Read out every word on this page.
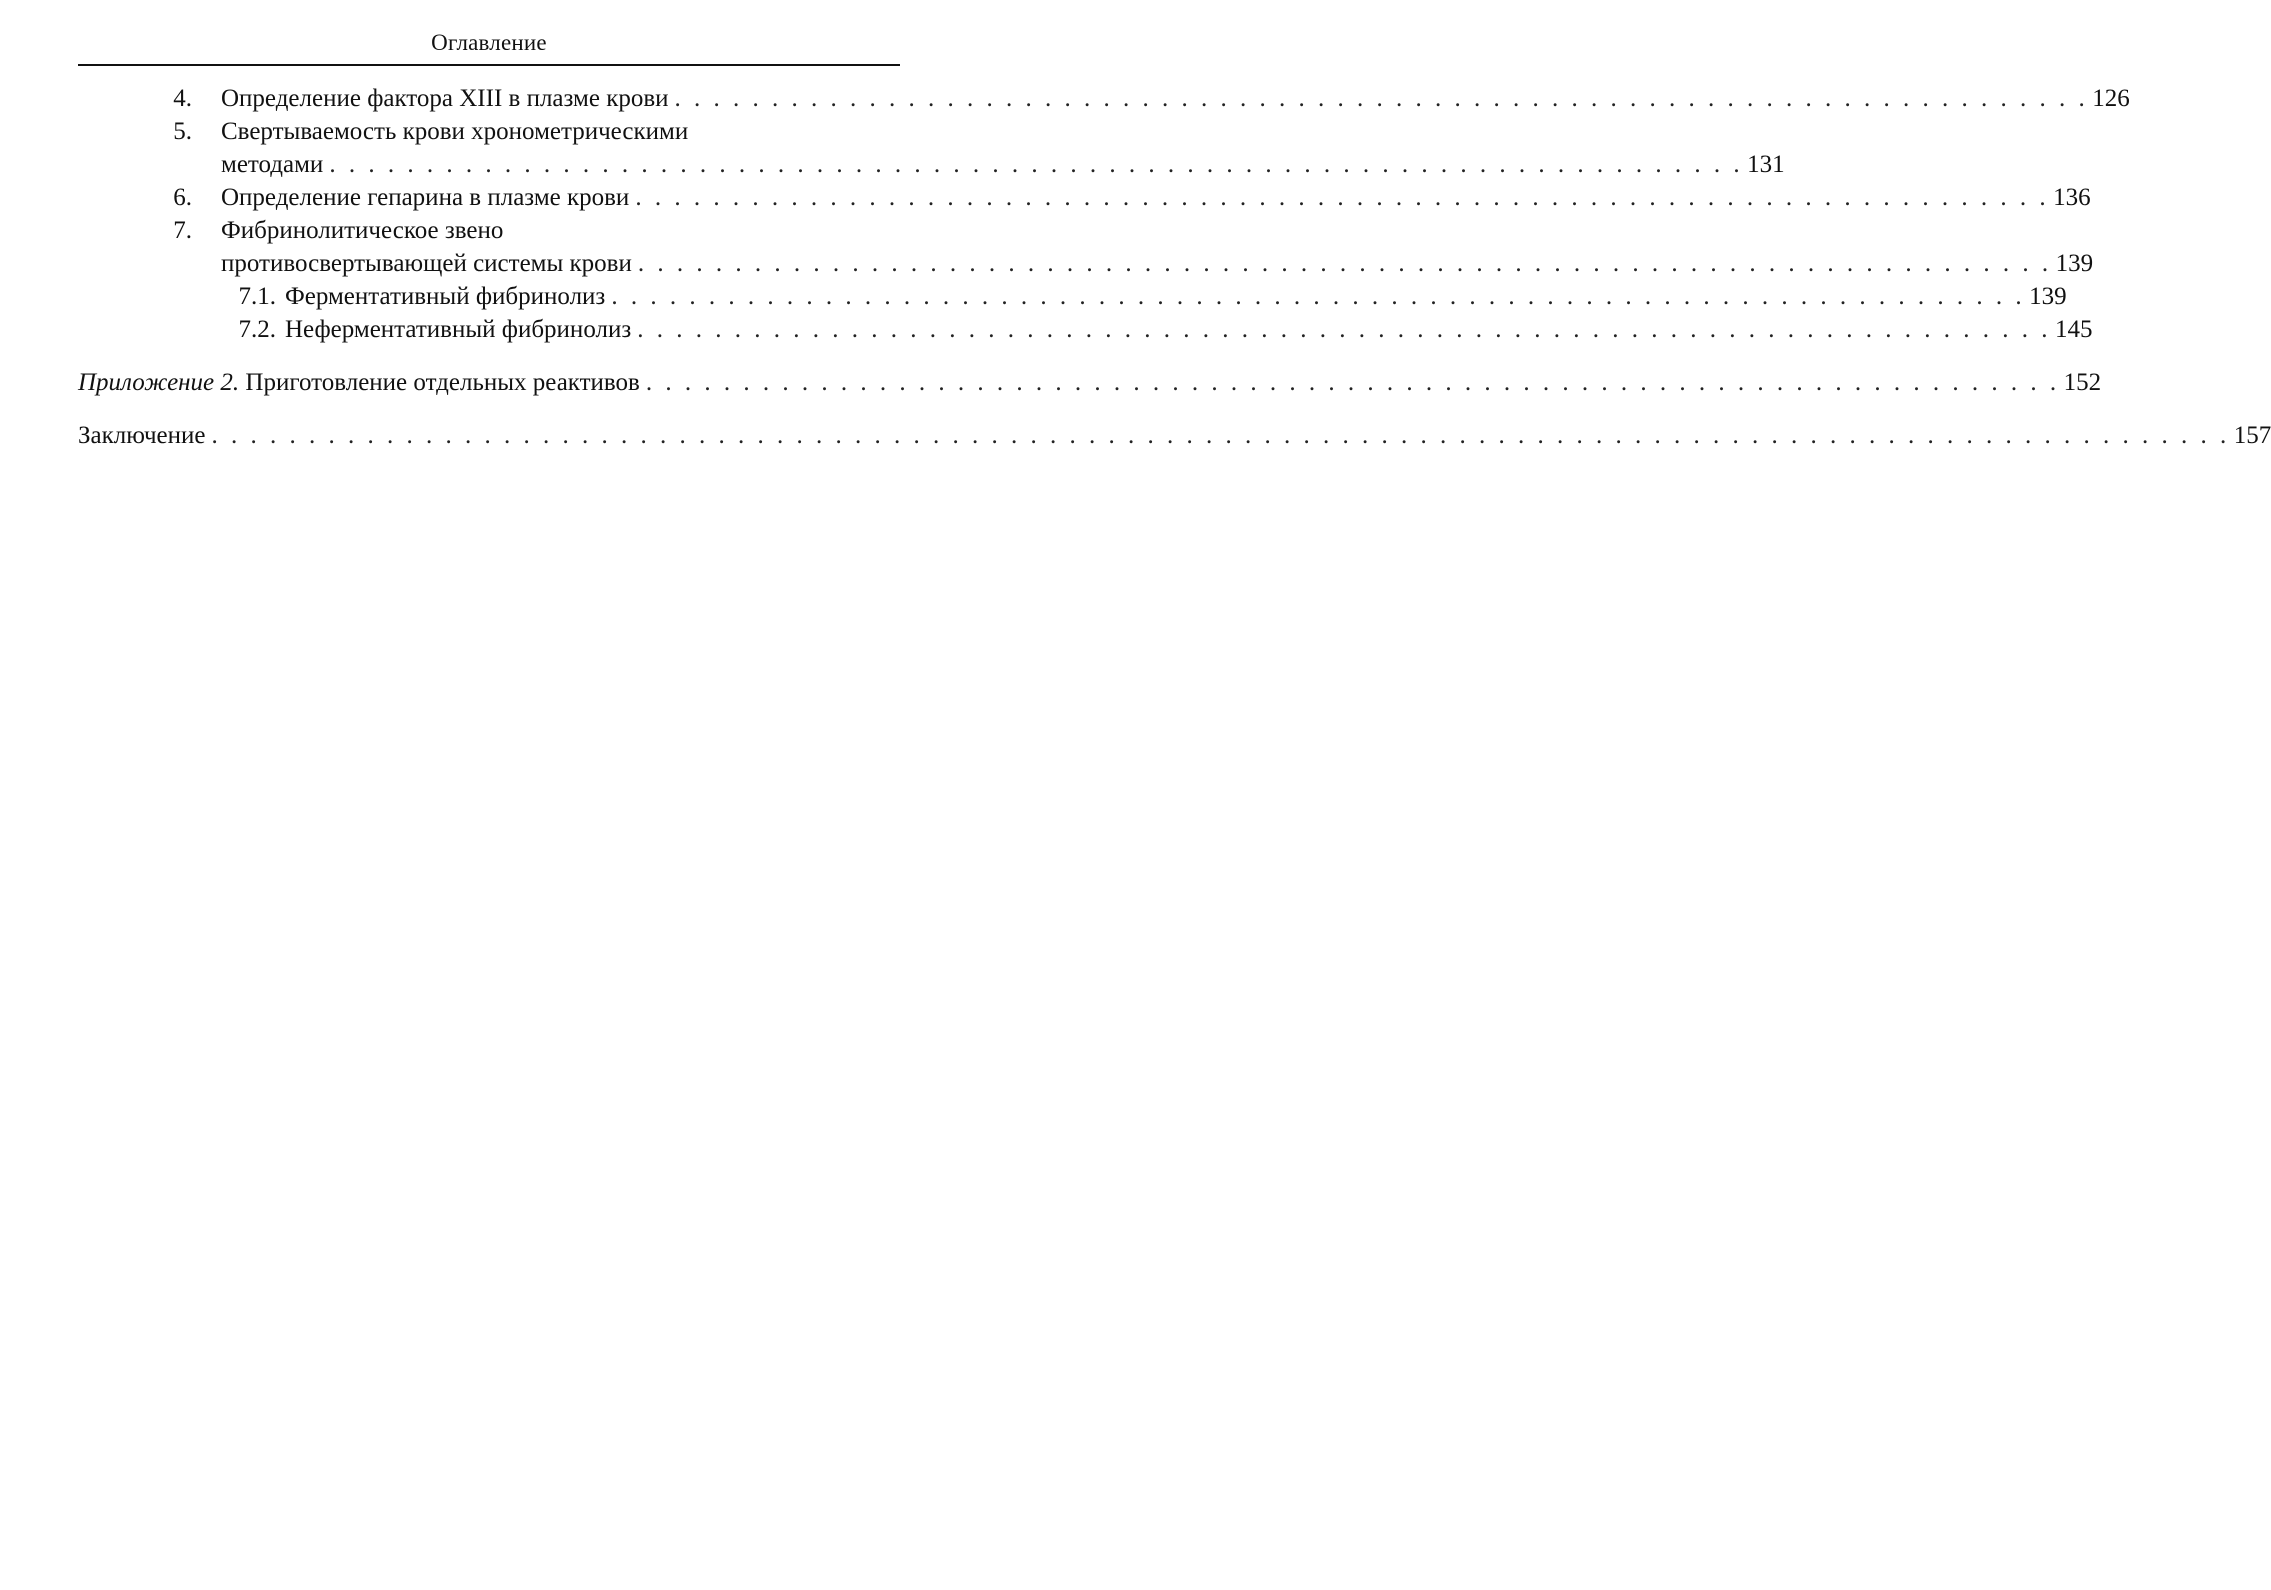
Оглавление
4. Определение фактора XIII в плазме крови . . . . . . . . . . . . . . . . . . . . . . . . . . . . . . . . . . . . . . . . . . . . . . . . . . . . . . . . . . . . . . . . . . . . . . . . . 126
5. Свертываемость крови хронометрическими
методами . . . . . . . . . . . . . . . . . . . . . . . . . . . . . . . . . . . . . . . . . . . . . . . . . . . . . . . . . . . . . . . . . . . . . . . . . 131
6. Определение гепарина в плазме крови . . . . . . . . . . . . . . . . . . . . . . . . . . . . . . . . . . . . . . . . . . . . . . . . . . . . . . . . . . . . . . . . . . . . . . . . . 136
7. Фибринолитическое звено
противосвертывающей системы крови . . . . . . . . . . . . . . . . . . . . . . . . . . . . . . . . . . . . . . . . . . . . . . . . . . . . . . . . . . . . . . . . . . . . . . . . . 139
7.1. Ферментативный фибринолиз . . . . . . . . . . . . . . . . . . . . . . . . . . . . . . . . . . . . . . . . . . . . . . . . . . . . . . . . . . . . . . . . . . . . . . . . . 139
7.2. Неферментативный фибринолиз . . . . . . . . . . . . . . . . . . . . . . . . . . . . . . . . . . . . . . . . . . . . . . . . . . . . . . . . . . . . . . . . . . . . . . . . . 145
Приложение 2. Приготовление отдельных реактивов . . . . . . . . . . . . . . . . . . . . . . . . . . . . . . . . . . . . . . . . . . . . . . . . . . . . . . . . . . . . . . . . . . . . . . . . . 152
Заключение . . . . . . . . . . . . . . . . . . . . . . . . . . . . . . . . . . . . . . . . . . . . . . . . . . . . . . . . . . . . . . . . . . . . . . . . . . . . . . . . . . . . . . . . . . . . . . . . . . . . . . . . 157
